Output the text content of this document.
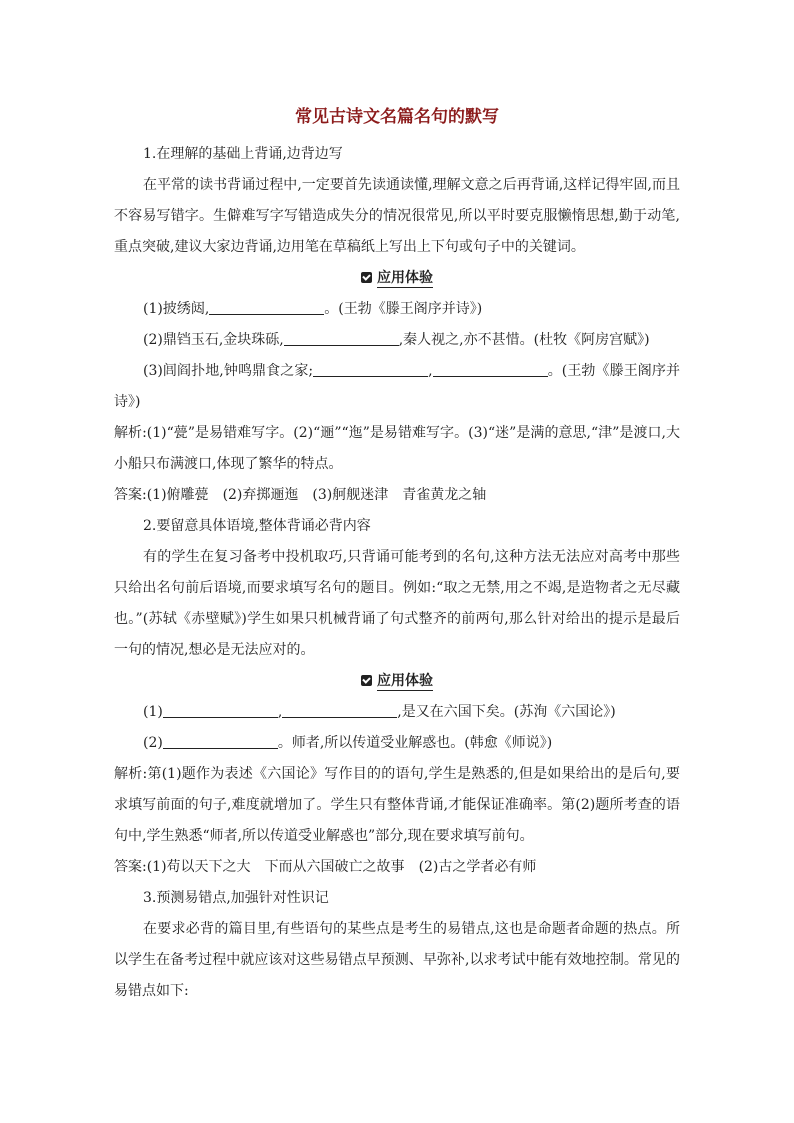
常见古诗文名篇名句的默写

1.在理解的基础上背诵,边背边写

在平常的读书背诵过程中,一定要首先读通读懂,理解文意之后再背诵,这样记得牢固,而且不容易写错字。生僻难写字写错造成失分的情况很常见,所以平时要克服懒惰思想,勤于动笔,重点突破,建议大家边背诵,边用笔在草稿纸上写出上下句或句子中的关键词。

应用体验

(1)披绣闼,	。(王勃《滕王阁序并诗》)

(2)鼎铛玉石,金块珠砾,	,秦人视之,亦不甚惜。(杜牧《阿房宫赋》)

(3)闾阎扑地,钟鸣鼎食之家;	,	。(王勃《滕王阁序并诗》)

解析:(1)“甍”是易错难写字。(2)“逦”“迤”是易错难写字。(3)“迷”是满的意思,“津”是渡口,大小船只布满渡口,体现了繁华的特点。

答案:(1)俯雕甍 (2)弃掷逦迤 (3)舸舰迷津 青雀黄龙之轴

2.要留意具体语境,整体背诵必背内容

有的学生在复习备考中投机取巧,只背诵可能考到的名句,这种方法无法应对高考中那些只给出名句前后语境,而要求填写名句的题目。例如:“取之无禁,用之不竭,是造物者之无尽藏也。”(苏轼《赤壁赋》)学生如果只机械背诵了句式整齐的前两句,那么针对给出的提示是最后一句的情况,想必是无法应对的。

应用体验

(1)	,	,是又在六国下矣。(苏洵《六国论》)

(2)	。师者,所以传道受业解惑也。(韩愈《师说》)

解析:第(1)题作为表述《六国论》写作目的的语句,学生是熟悉的,但是如果给出的是后句,要求填写前面的句子,难度就增加了。学生只有整体背诵,才能保证准确率。第(2)题所考查的语句中,学生熟悉“师者,所以传道受业解惑也”部分,现在要求填写前句。

答案:(1)苟以天下之大 下而从六国破亡之故事 (2)古之学者必有师

3.预测易错点,加强针对性识记

在要求必背的篇目里,有些语句的某些点是考生的易错点,这也是命题者命题的热点。所以学生在备考过程中就应该对这些易错点早预测、早弥补,以求考试中能有效地控制。常见的易错点如下:
